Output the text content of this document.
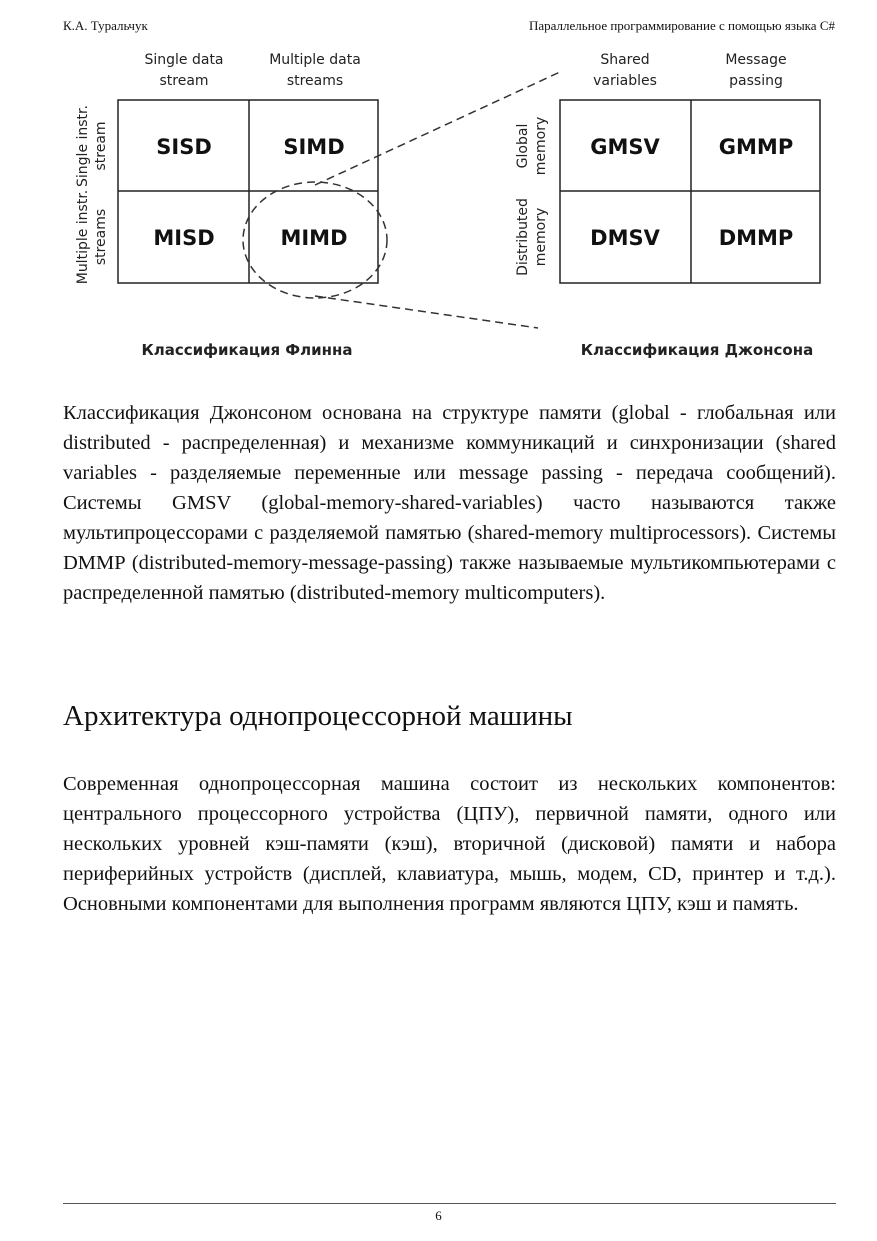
К.А. Туральчук	Параллельное программирование с помощью языка C#
Single data
stream
Multiple data
streams
Single instr. stream
Multiple instr. streams
SISD	SIMD
MISD	MIMD
Shared
variables
Message
passing
Global memory
Distributed memory
GMSV	GMMP
DMSV	DMMP
Классификация Флинна	Классификация Джонсона

Классификация Джонсоном основана на структуре памяти (global - глобальная или distributed - распределенная) и механизме коммуникаций и синхронизации (shared variables - разделяемые переменные или message passing - передача сообщений). Системы GMSV (global-memory-shared-variables) часто называются также мультипроцессорами с разделяемой памятью (shared-memory multiprocessors). Системы DMMP (distributed-memory-message-passing) также называемые мультикомпьютерами с распределенной памятью (distributed-memory multicomputers).

Архитектура однопроцессорной машины

Современная однопроцессорная машина состоит из нескольких компонентов: центрального процессорного устройства (ЦПУ), первичной памяти, одного или нескольких уровней кэш-памяти (кэш), вторичной (дисковой) памяти и набора периферийных устройств (дисплей, клавиатура, мышь, модем, CD, принтер и т.д.). Основными компонентами для выполнения программ являются ЦПУ, кэш и память.

6
